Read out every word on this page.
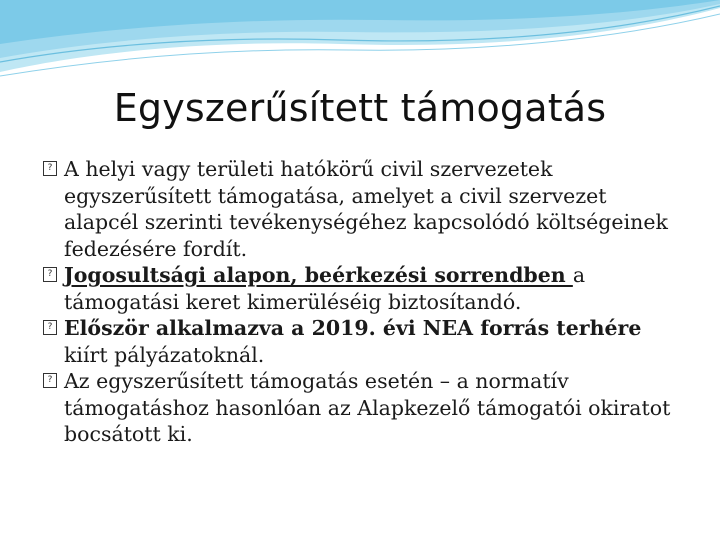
Egyszerűsített támogatás

? A helyi vagy területi hatókörű civil szervezetek egyszerűsített támogatása, amelyet a civil szervezet alapcél szerinti tevékenységéhez kapcsolódó költségeinek fedezésére fordít.

? Jogosultsági alapon, beérkezési sorrendben a támogatási keret kimerüléséig biztosítandó.

? Először alkalmazva a 2019. évi NEA forrás terhére kiírt pályázatoknál.

? Az egyszerűsített támogatás esetén – a normatív támogatáshoz hasonlóan az Alapkezelő támogatói okiratot bocsátott ki.
